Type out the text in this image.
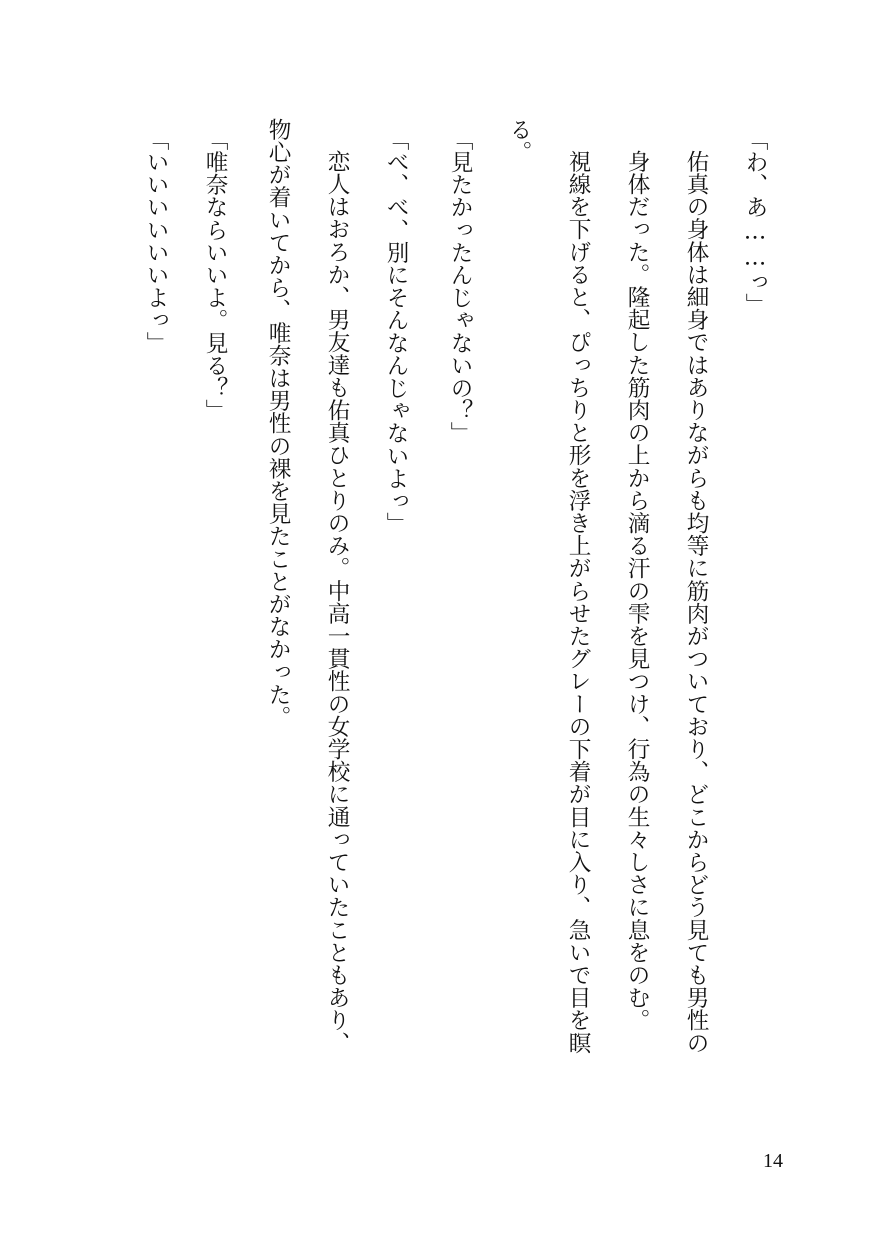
「わ、あ……っ」
佑真の身体は細身ではありながらも均等に筋肉がついており、どこからどう見ても男性の
身体だった。隆起した筋肉の上から滴る汗の雫を見つけ、行為の生々しさに息をのむ。
視線を下げると、ぴっちりと形を浮き上がらせたグレーの下着が目に入り、急いで目を瞑
る。
「見たかったんじゃないの？」
「べ、べ、別にそんなんじゃないよっ」
恋人はおろか、男友達も佑真ひとりのみ。中高一貫性の女学校に通っていたこともあり、
物心が着いてから、唯奈は男性の裸を見たことがなかった。
「唯奈ならいいよ。見る？」
「いいいいいいよっ」
14
